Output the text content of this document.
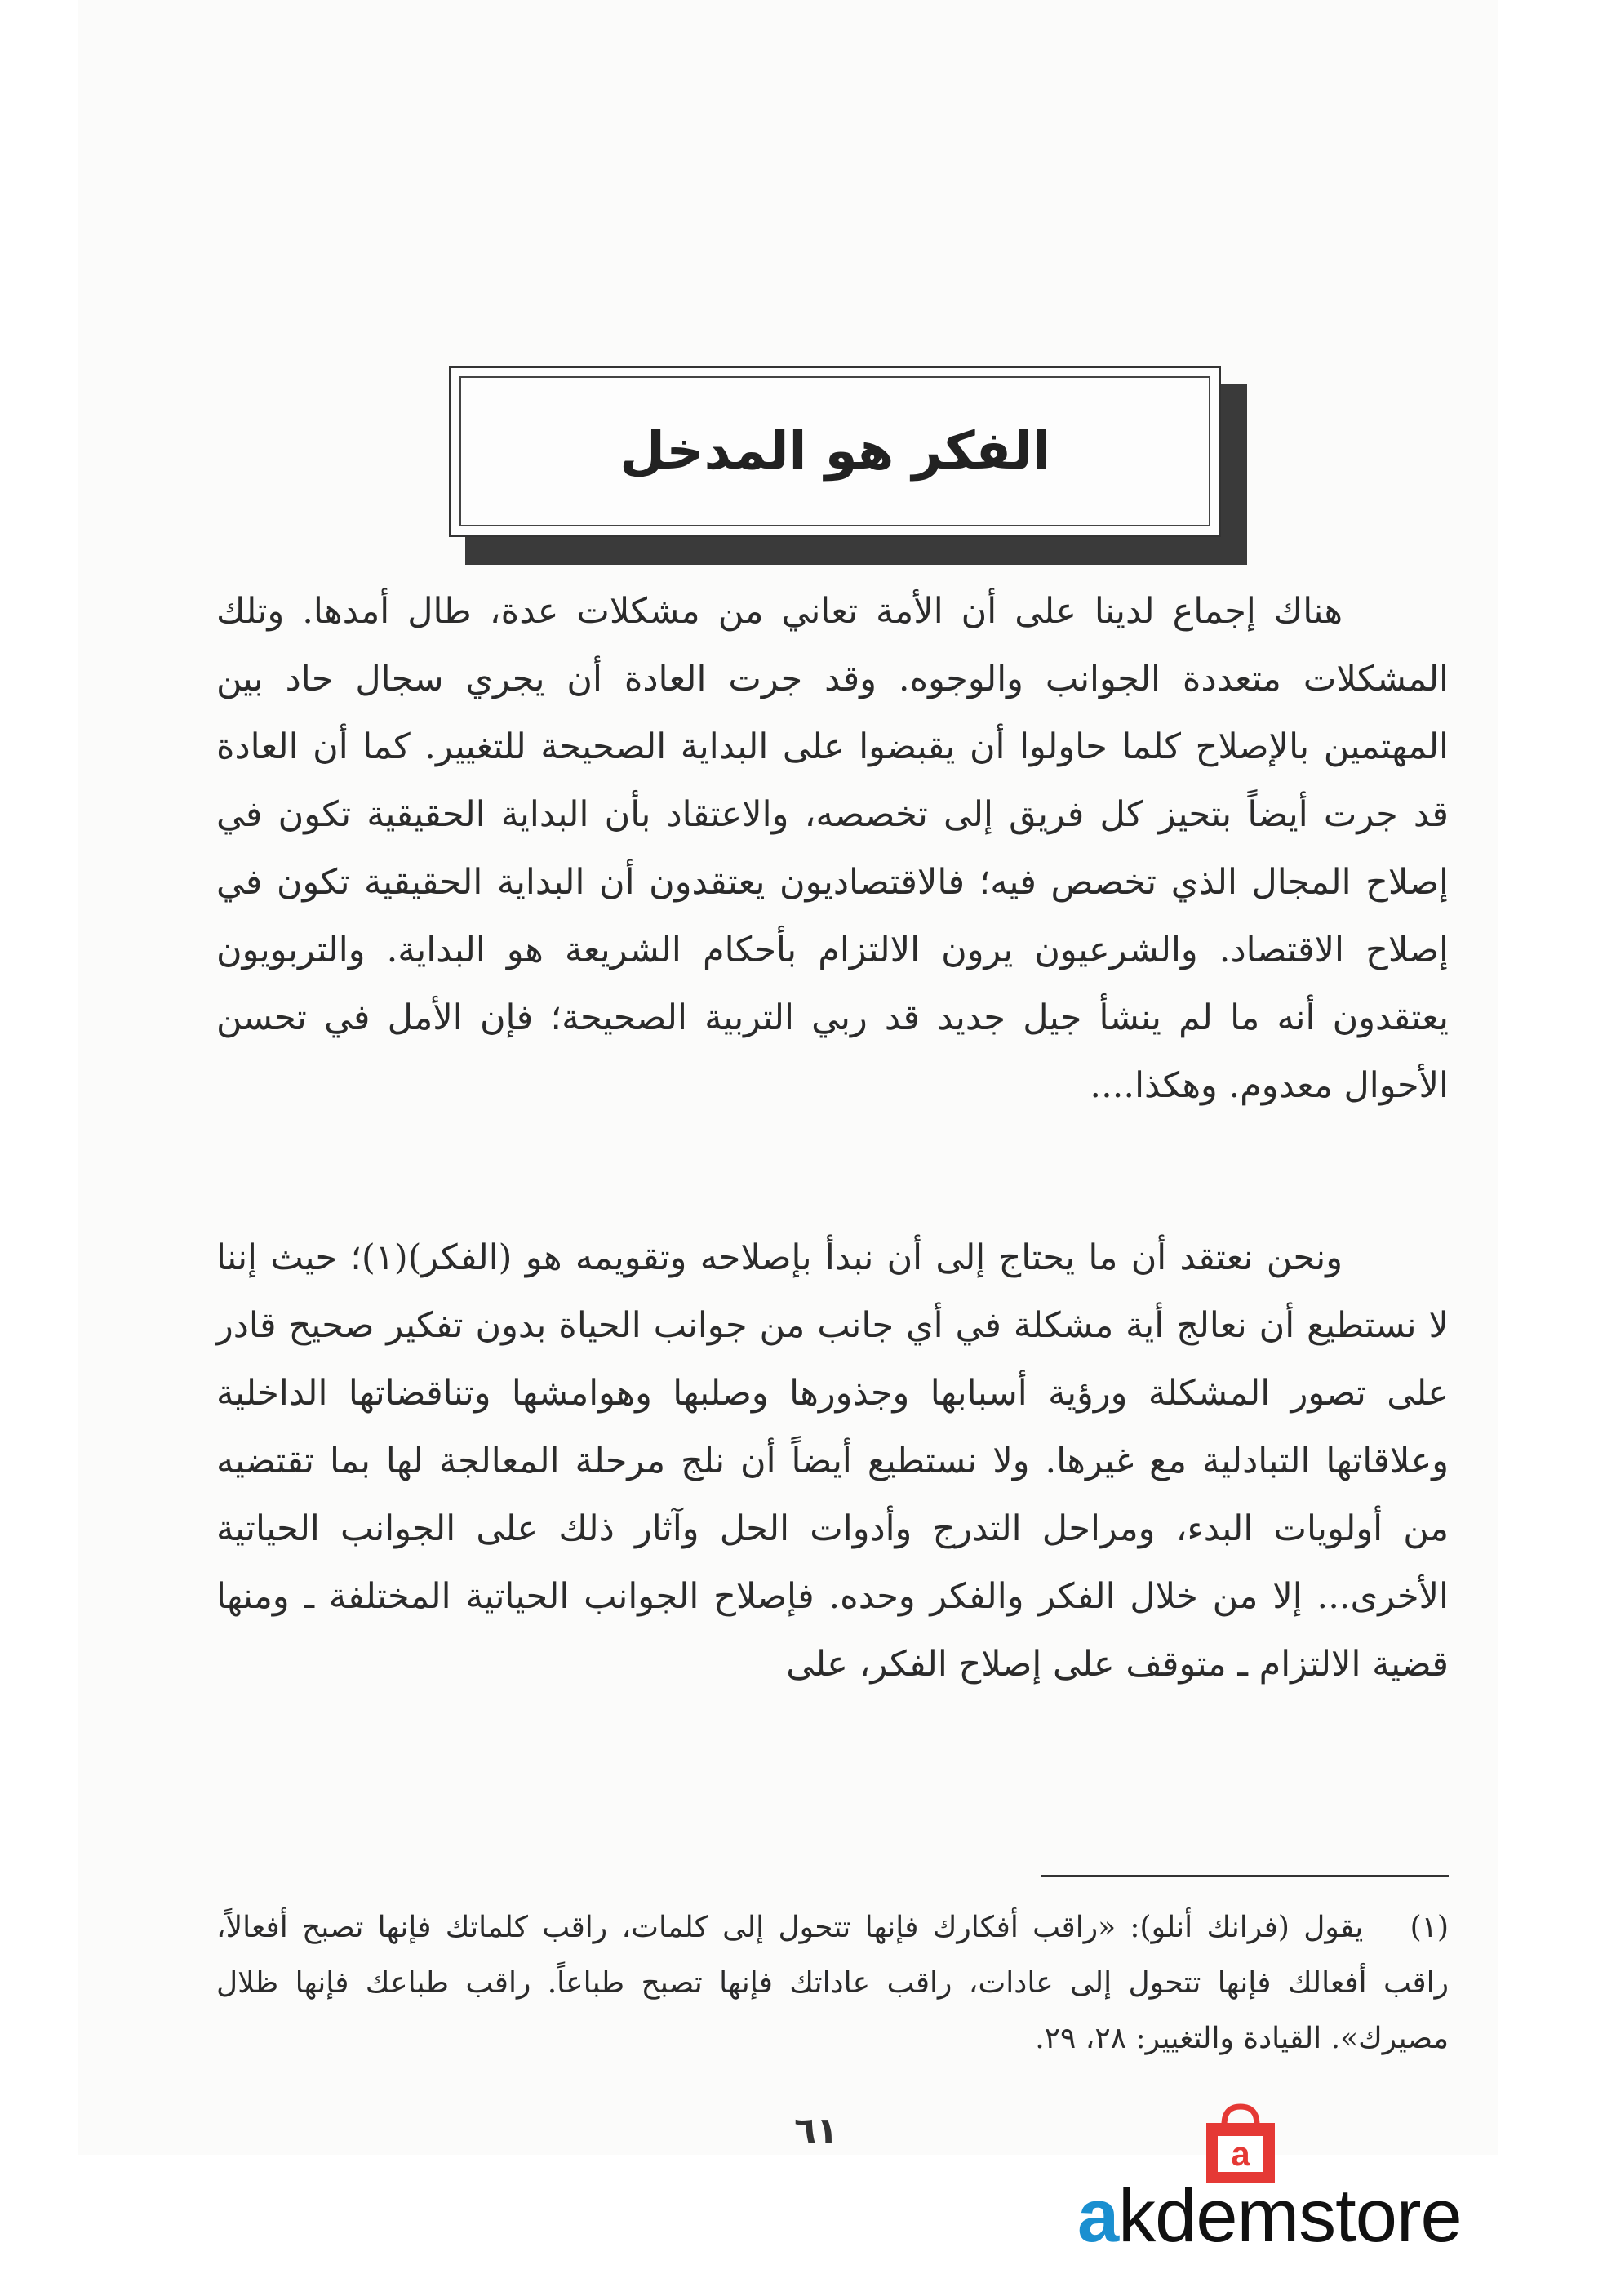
الفكر هو المدخل

هناك إجماع لدينا على أن الأمة تعاني من مشكلات عدة، طال أمدها. وتلك المشكلات متعددة الجوانب والوجوه. وقد جرت العادة أن يجري سجال حاد بين المهتمين بالإصلاح كلما حاولوا أن يقبضوا على البداية الصحيحة للتغيير. كما أن العادة قد جرت أيضاً بتحيز كل فريق إلى تخصصه، والاعتقاد بأن البداية الحقيقية تكون في إصلاح المجال الذي تخصص فيه؛ فالاقتصاديون يعتقدون أن البداية الحقيقية تكون في إصلاح الاقتصاد. والشرعيون يرون الالتزام بأحكام الشريعة هو البداية. والتربويون يعتقدون أنه ما لم ينشأ جيل جديد قد ربي التربية الصحيحة؛ فإن الأمل في تحسن الأحوال معدوم. وهكذا....

ونحن نعتقد أن ما يحتاج إلى أن نبدأ بإصلاحه وتقويمه هو (الفكر)(١)؛ حيث إننا لا نستطيع أن نعالج أية مشكلة في أي جانب من جوانب الحياة بدون تفكير صحيح قادر على تصور المشكلة ورؤية أسبابها وجذورها وصلبها وهوامشها وتناقضاتها الداخلية وعلاقاتها التبادلية مع غيرها. ولا نستطيع أيضاً أن نلج مرحلة المعالجة لها بما تقتضيه من أولويات البدء، ومراحل التدرج وأدوات الحل وآثار ذلك على الجوانب الحياتية الأخرى... إلا من خلال الفكر والفكر وحده. فإصلاح الجوانب الحياتية المختلفة ـ ومنها قضية الالتزام ـ متوقف على إصلاح الفكر، على

(١) يقول (فرانك أنلو): «راقب أفكارك فإنها تتحول إلى كلمات، راقب كلماتك فإنها تصبح أفعالاً، راقب أفعالك فإنها تتحول إلى عادات، راقب عاداتك فإنها تصبح طباعاً. راقب طباعك فإنها ظلال مصيرك». القيادة والتغيير: ٢٨، ٢٩.
٦١
a
akdemstore
